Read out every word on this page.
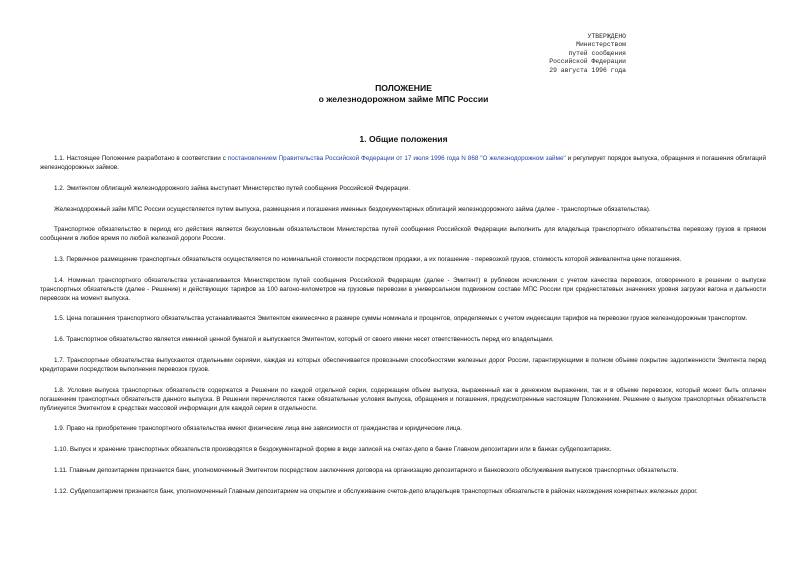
УТВЕРЖДЕНО
Министерством
путей сообщения
Российской Федерации
29 августа 1996 года
ПОЛОЖЕНИЕ
о железнодорожном займе МПС России
1. Общие положения

1.1. Настоящее Положение разработано в соответствии с постановлением Правительства Российской Федерации от 17 июля 1996 года N 868 "О железнодорожном займе" и регулирует порядок выпуска, обращения и погашения облигаций железнодорожных займов.

1.2. Эмитентом облигаций железнодорожного займа выступает Министерство путей сообщения Российской Федерации.

Железнодорожный займ МПС России осуществляется путем выпуска, размещения и погашения именных бездокументарных облигаций железнодорожного займа (далее - транспортные обязательства).

Транспортное обязательство в период его действия является безусловным обязательством Министерства путей сообщения Российской Федерации выполнить для владельца транспортного обязательства перевозку грузов в прямом сообщении в любое время по любой железной дороги России.

1.3. Первичное размещение транспортных обязательств осуществляется по номинальной стоимости посредством продажи, а их погашение - перевозкой грузов, стоимость которой эквивалентна цене погашения.

1.4. Номинал транспортного обязательства устанавливается Министерством путей сообщения Российской Федерации (далее - Эмитент) в рублевом исчислении с учетом качества перевозок, оговоренного в решении о выпуске транспортных обязательств (далее - Решение) и действующих тарифов за 100 вагоно-километров на грузовые перевозки в универсальном подвижном составе МПС России при среднестатевых значениях уровня загрузки вагона и дальности перевозок на момент выпуска.

1.5. Цена погашения транспортного обязательства устанавливается Эмитентом ежемесячно в размере суммы номинала и процентов, определяемых с учетом индексации тарифов на перевозки грузов железнодорожным транспортом.

1.6. Транспортное обязательство является именной ценной бумагой и выпускается Эмитентом, который от своего имени несет ответственность перед его владельцами.

1.7. Транспортные обязательства выпускаются отдельными сериями, каждая из которых обеспечивается провозными способностями железных дорог России, гарантирующими в полном объеме покрытие задолженности Эмитента перед кредиторами посредством выполнения перевозок грузов.

1.8. Условия выпуска транспортных обязательств содержатся в Решении по каждой отдельной серии, содержащем объем выпуска, выраженный как в денежном выражении, так и в объеме перевозок, который может быть оплачен погашением транспортных обязательств данного выпуска. В Решении перечисляются также обязательные условия выпуска, обращения и погашения, предусмотренные настоящим Положением. Решение о выпуске транспортных обязательств публикуется Эмитентом в средствах массовой информации для каждой серии в отдельности.

1.9. Право на приобретение транспортного обязательства имеют физические лица вне зависимости от гражданства и юридические лица.

1.10. Выпуск и хранение транспортных обязательств производятся в бездокументарной форме в виде записей на счетах-депо в банке Главном депозитарии или в банках субдепозитариях.

1.11. Главным депозитарием признается банк, уполномоченный Эмитентом посредством заключения договора на организацию депозитарного и банковского обслуживания выпусков транспортных обязательств.

1.12. Субдепозитарием признается банк, уполномоченный Главным депозитарием на открытие и обслуживание счетов-депо владельцев транспортных обязательств в районах нахождения конкретных железных дорог.
